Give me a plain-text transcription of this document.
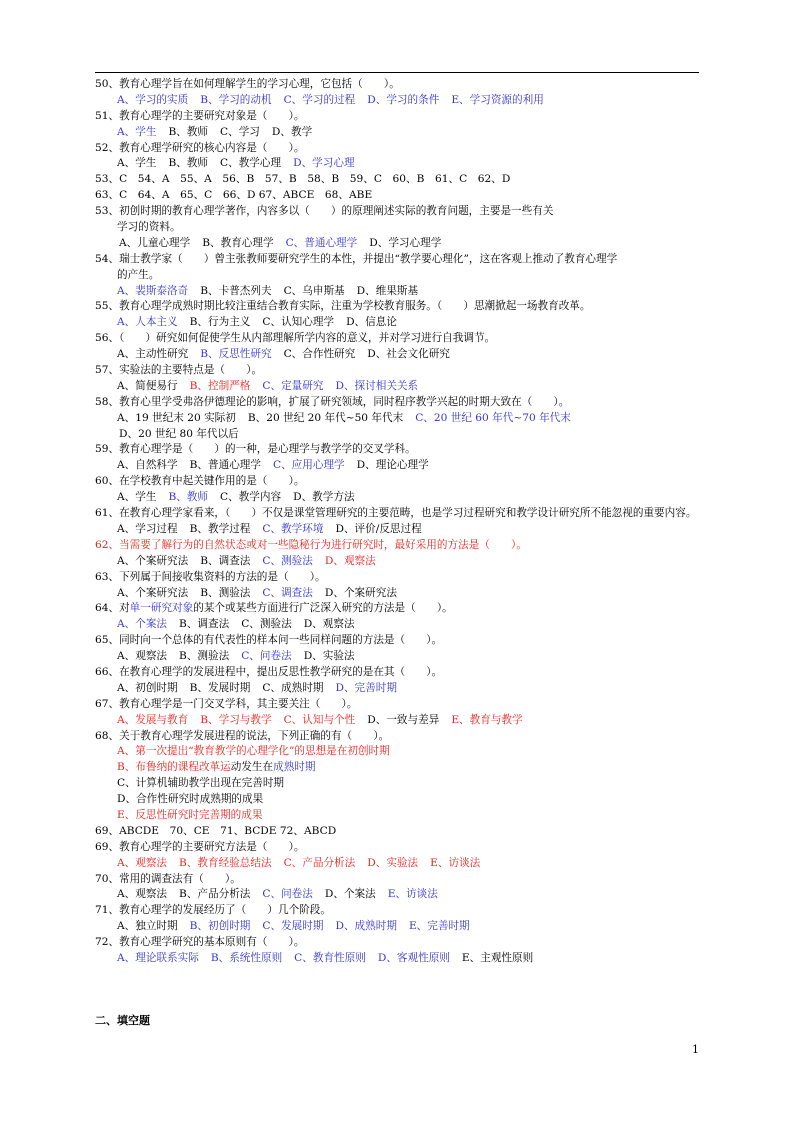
50、教育心理学旨在如何理解学生的学习心理，它包括（　　）。
A、学习的实质 B、学习的动机 C、学习的过程 D、学习的条件 E、学习资源的利用
51、教育心理学的主要研究对象是（　　）。
A、学生 B、教师 C、学习 D、教学
52、教育心理学研究的核心内容是（　　）。
A、学生 B、教师 C、教学心理 D、学习心理
53、C　54、A　55、A　56、B　57、B　58、B　59、C　60、B　61、C　62、D
63、C　64、A　65、C　66、D 67、ABCE　68、ABE
53、初创时期的教育心理学著作，内容多以（　　）的原理阐述实际的教育问题，主要是一些有关
学习的资料。
A、儿童心理学 B、教育心理学 C、普通心理学 D、学习心理学
54、瑞士教学家（　　）曾主张教师要研究学生的本性，并提出“教学要心理化”，这在客观上推动了教育心理学
的产生。
A、裴斯泰洛奇 B、卡普杰列夫 C、乌申斯基 D、维果斯基
55、教育心理学成熟时期比较注重结合教育实际，注重为学校教育服务。（　　）思潮掀起一场教育改革。
A、人本主义 B、行为主义 C、认知心理学 D、信息论
56、（　　）研究如何促使学生从内部理解所学内容的意义，并对学习进行自我调节。
A、主动性研究 B、反思性研究 C、合作性研究 D、社会文化研究
57、实验法的主要特点是（　　）。
A、简便易行 B、控制严格 C、定量研究 D、探讨相关关系
58、教育心里学受弗洛伊德理论的影响，扩展了研究领域，同时程序教学兴起的时期大致在（　　）。
A、19 世纪末 20 实际初 B、20 世纪 20 年代~50 年代末 C、20 世纪 60 年代~70 年代末
D、20 世纪 80 年代以后
59、教育心理学是（　　）的一种，是心理学与教学学的交叉学科。
A、自然科学 B、普通心理学 C、应用心理学 D、理论心理学
60、在学校教育中起关键作用的是（　　）。
A、学生 B、教师 C、教学内容 D、教学方法
61、在教育心理学家看来，（　　）不仅是课堂管理研究的主要范畴，也是学习过程研究和教学设计研究所不能忽视的重要内容。
A、学习过程 B、教学过程 C、教学环境 D、评价/反思过程
62、当需要了解行为的自然状态或对一些隐秘行为进行研究时，最好采用的方法是（　　）。
A、个案研究法 B、调查法 C、测验法 D、观察法
63、下列属于间接收集资料的方法的是（　　）。
A、个案研究法 B、测验法 C、调查法 D、个案研究法
64、对单一研究对象的某个或某些方面进行广泛深入研究的方法是（　　）。
A、个案法 B、调查法 C、测验法 D、观察法
65、同时向一个总体的有代表性的样本问一些同样问题的方法是（　　）。
A、观察法 B、测验法 C、问卷法 D、实验法
66、在教育心理学的发展进程中，提出反思性教学研究的是在其（　　）。
A、初创时期 B、发展时期 C、成熟时期 D、完善时期
67、教育心理学是一门交叉学科，其主要关注（　　）。
A、发展与教育 B、学习与教学 C、认知与个性 D、一致与差异 E、教育与教学
68、关于教育心理学发展进程的说法，下列正确的有（　　）。
A、第一次提出“教育教学的心理学化”的思想是在初创时期
B、布鲁纳的课程改革运动发生在成熟时期
C、计算机辅助教学出现在完善时期
D、合作性研究时成熟期的成果
E、反思性研究时完善期的成果
69、ABCDE　70、CE　71、BCDE 72、ABCD
69、教育心理学的主要研究方法是（　　）。
A、观察法 B、教育经验总结法 C、产品分析法 D、实验法 E、访谈法
70、常用的调查法有（　　）。
A、观察法 B、产品分析法 C、问卷法 D、个案法 E、访谈法
71、教育心理学的发展经历了（　　）几个阶段。
A、独立时期 B、初创时期 C、发展时期 D、成熟时期 E、完善时期
72、教育心理学研究的基本原则有（　　）。
A、理论联系实际 B、系统性原则 C、教育性原则 D、客观性原则 E、主观性原则
二、填空题
1
